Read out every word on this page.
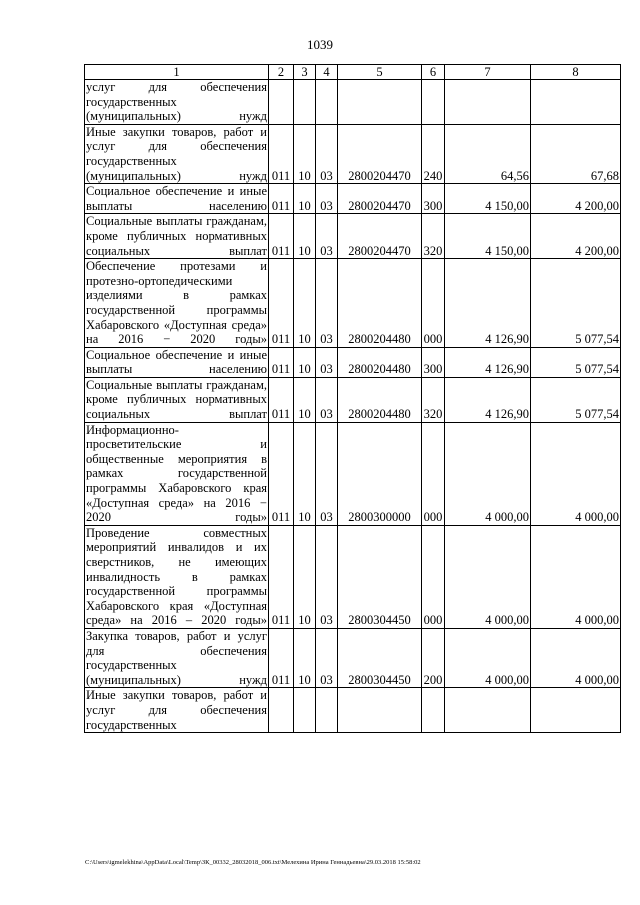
1039
1	2	3	4	5	6	7	8
услуг для обеспечения государственных (муниципальных) нужд							
Иные закупки товаров, работ и услуг для обеспечения государственных (муниципальных) нужд	011	10	03	2800204470	240	64,56	67,68
Социальное обеспечение и иные выплаты населению	011	10	03	2800204470	300	4 150,00	4 200,00
Социальные выплаты гражданам, кроме публичных нормативных социальных выплат	011	10	03	2800204470	320	4 150,00	4 200,00
Обеспечение протезами и протезно-ортопедическими изделиями в рамках государственной программы Хабаровского «Доступная среда» на 2016 − 2020 годы»	011	10	03	2800204480	000	4 126,90	5 077,54
Социальное обеспечение и иные выплаты населению	011	10	03	2800204480	300	4 126,90	5 077,54
Социальные выплаты гражданам, кроме публичных нормативных социальных выплат	011	10	03	2800204480	320	4 126,90	5 077,54
Информационно-просветительские и общественные мероприятия в рамках государственной программы Хабаровского края «Доступная среда» на 2016 − 2020 годы»	011	10	03	2800300000	000	4 000,00	4 000,00
Проведение совместных мероприятий инвалидов и их сверстников, не имеющих инвалидность в рамках государственной программы Хабаровского края «Доступная среда» на 2016 – 2020 годы»	011	10	03	2800304450	000	4 000,00	4 000,00
Закупка товаров, работ и услуг для обеспечения государственных (муниципальных) нужд	011	10	03	2800304450	200	4 000,00	4 000,00
Иные закупки товаров, работ и услуг для обеспечения государственных							
C:\Users\igmelekhina\AppData\Local\Temp\ЗК_00332_28032018_006.txt\Мелехина Ирина Геннадьевна\29.03.2018 15:58:02
